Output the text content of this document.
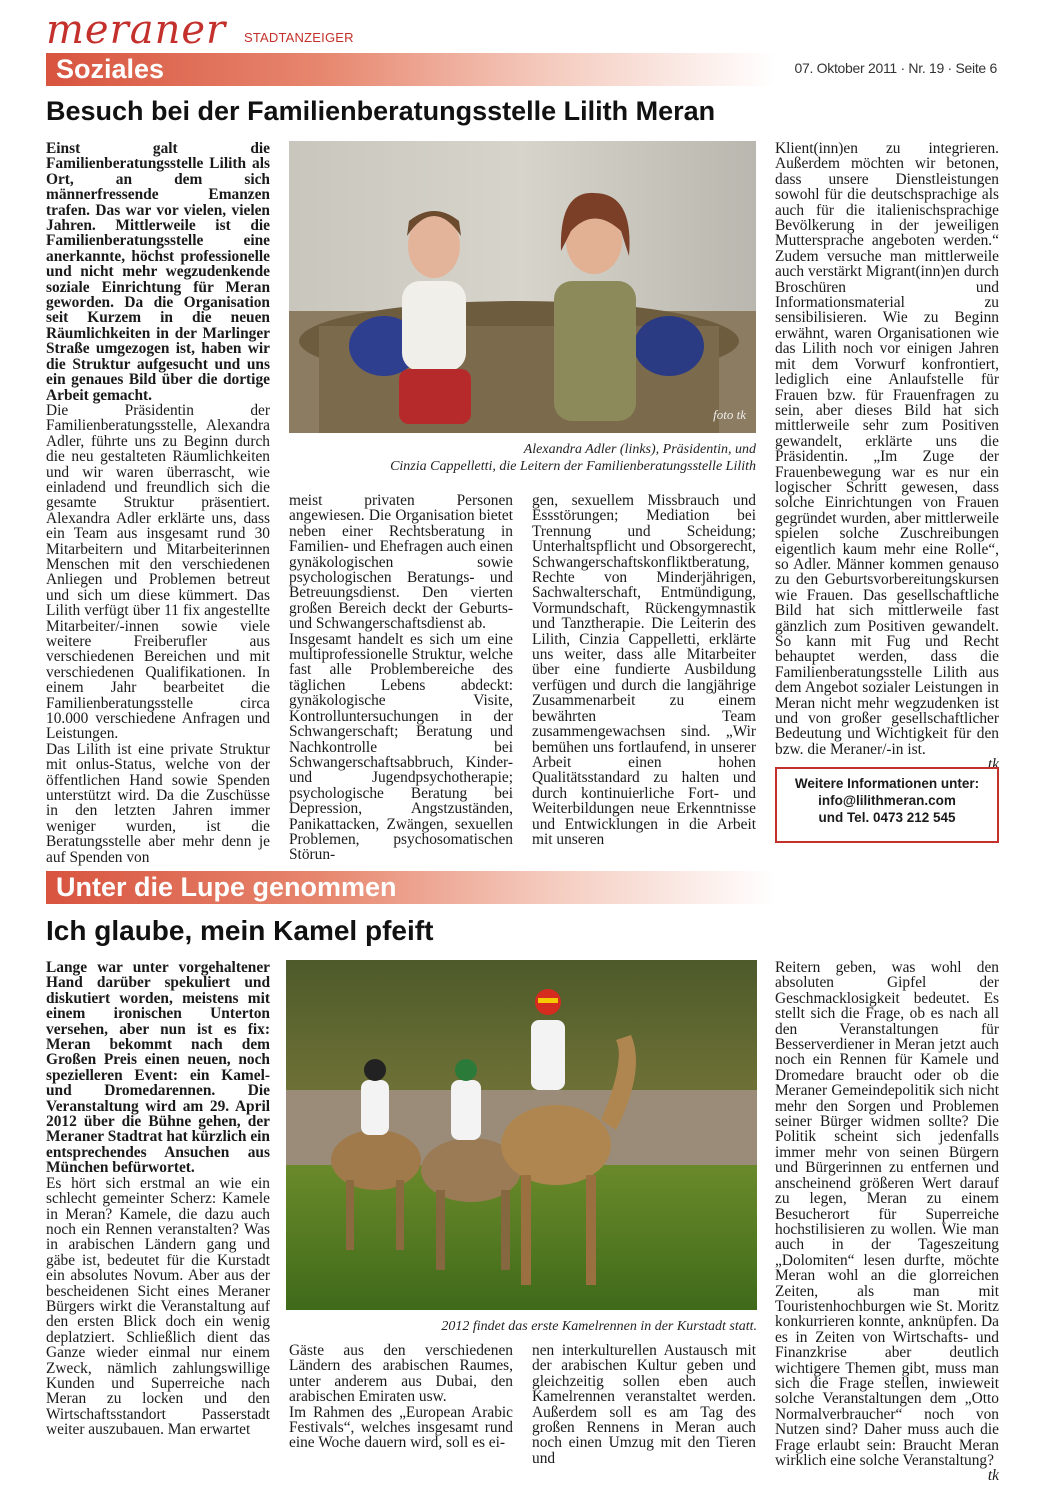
meraner STADTANZEIGER
07. Oktober 2011 · Nr. 19 · Seite 6
Soziales
Besuch bei der Familienberatungsstelle Lilith Meran

Einst galt die Familienberatungsstelle Lilith als Ort, an dem sich männerfressende Emanzen trafen. Das war vor vielen, vielen Jahren. Mittlerweile ist die Familienberatungsstelle eine anerkannte, höchst professionelle und nicht mehr wegzudenkende soziale Einrichtung für Meran geworden. Da die Organisation seit Kurzem in die neuen Räumlichkeiten in der Marlinger Straße umgezogen ist, haben wir die Struktur aufgesucht und uns ein genaues Bild über die dortige Arbeit gemacht.

Die Präsidentin der Familienberatungsstelle, Alexandra Adler, führte uns zu Beginn durch die neu gestalteten Räumlichkeiten und wir waren überrascht, wie einladend und freundlich sich die gesamte Struktur präsentiert. Alexandra Adler erklärte uns, dass ein Team aus insgesamt rund 30 Mitarbeitern und Mitarbeiterinnen Menschen mit den verschiedenen Anliegen und Problemen betreut und sich um diese kümmert. Das Lilith verfügt über 11 fix angestellte Mitarbeiter/-innen sowie viele weitere Freiberufler aus verschiedenen Bereichen und mit verschiedenen Qualifikationen. In einem Jahr bearbeitet die Familienberatungsstelle circa 10.000 verschiedene Anfragen und Leistungen.

Das Lilith ist eine private Struktur mit onlus-Status, welche von der öffentlichen Hand sowie Spenden unterstützt wird. Da die Zuschüsse in den letzten Jahren immer weniger wurden, ist die Beratungsstelle aber mehr denn je auf Spenden von

foto tk
Alexandra Adler (links), Präsidentin, und
Cinzia Cappelletti, die Leitern der Familienberatungsstelle Lilith

meist privaten Personen angewiesen. Die Organisation bietet neben einer Rechtsberatung in Familien- und Ehefragen auch einen gynäkologischen sowie psychologischen Beratungs- und Betreuungsdienst. Den vierten großen Bereich deckt der Geburts- und Schwangerschaftsdienst ab.

Insgesamt handelt es sich um eine multiprofessionelle Struktur, welche fast alle Problembereiche des täglichen Lebens abdeckt: gynäkologische Visite, Kontrolluntersuchungen in der Schwangerschaft; Beratung und Nachkontrolle bei Schwangerschaftsabbruch, Kinder- und Jugendpsychotherapie; psychologische Beratung bei Depression, Angstzuständen, Panikattacken, Zwängen, sexuellen Problemen, psychosomatischen Störun-

gen, sexuellem Missbrauch und Essstörungen; Mediation bei Trennung und Scheidung; Unterhaltspflicht und Obsorgerecht, Schwangerschaftskonfliktberatung, Rechte von Minderjährigen, Sachwalterschaft, Entmündigung, Vormundschaft, Rückengymnastik und Tanztherapie. Die Leiterin des Lilith, Cinzia Cappelletti, erklärte uns weiter, dass alle Mitarbeiter über eine fundierte Ausbildung verfügen und durch die langjährige Zusammenarbeit zu einem bewährten Team zusammengewachsen sind. „Wir bemühen uns fortlaufend, in unserer Arbeit einen hohen Qualitätsstandard zu halten und durch kontinuierliche Fort- und Weiterbildungen neue Erkenntnisse und Entwicklungen in die Arbeit mit unseren

Klient(inn)en zu integrieren. Außerdem möchten wir betonen, dass unsere Dienstleistungen sowohl für die deutschsprachige als auch für die italienischsprachige Bevölkerung in der jeweiligen Muttersprache angeboten werden.“ Zudem versuche man mittlerweile auch verstärkt Migrant(inn)en durch Broschüren und Informationsmaterial zu sensibilisieren. Wie zu Beginn erwähnt, waren Organisationen wie das Lilith noch vor einigen Jahren mit dem Vorwurf konfrontiert, lediglich eine Anlaufstelle für Frauen bzw. für Frauenfragen zu sein, aber dieses Bild hat sich mittlerweile sehr zum Positiven gewandelt, erklärte uns die Präsidentin. „Im Zuge der Frauenbewegung war es nur ein logischer Schritt gewesen, dass solche Einrichtungen von Frauen gegründet wurden, aber mittlerweile spielen solche Zuschreibungen eigentlich kaum mehr eine Rolle“, so Adler. Männer kommen genauso zu den Geburtsvorbereitungskursen wie Frauen. Das gesellschaftliche Bild hat sich mittlerweile fast gänzlich zum Positiven gewandelt. So kann mit Fug und Recht behauptet werden, dass die Familienberatungsstelle Lilith aus dem Angebot sozialer Leistungen in Meran nicht mehr wegzudenken ist und von großer gesellschaftlicher Bedeutung und Wichtigkeit für den bzw. die Meraner/-in ist.

tk

Weitere Informationen unter:
info@lilithmeran.com
und Tel. 0473 212 545
Unter die Lupe genommen
Ich glaube, mein Kamel pfeift

Lange war unter vorgehaltener Hand darüber spekuliert und diskutiert worden, meistens mit einem ironischen Unterton versehen, aber nun ist es fix: Meran bekommt nach dem Großen Preis einen neuen, noch spezielleren Event: ein Kamel- und Dromedarennen. Die Veranstaltung wird am 29. April 2012 über die Bühne gehen, der Meraner Stadtrat hat kürzlich ein entsprechendes Ansuchen aus München befürwortet.

Es hört sich erstmal an wie ein schlecht gemeinter Scherz: Kamele in Meran? Kamele, die dazu auch noch ein Rennen veranstalten? Was in arabischen Ländern gang und gäbe ist, bedeutet für die Kurstadt ein absolutes Novum. Aber aus der bescheidenen Sicht eines Meraner Bürgers wirkt die Veranstaltung auf den ersten Blick doch ein wenig deplatziert. Schließlich dient das Ganze wieder einmal nur einem Zweck, nämlich zahlungswillige Kunden und Superreiche nach Meran zu locken und den Wirtschaftsstandort Passerstadt weiter auszubauen. Man erwartet

2012 findet das erste Kamelrennen in der Kurstadt statt.

Gäste aus den verschiedenen Ländern des arabischen Raumes, unter anderem aus Dubai, den arabischen Emiraten usw.

Im Rahmen des „European Arabic Festivals“, welches insgesamt rund eine Woche dauern wird, soll es ei-

nen interkulturellen Austausch mit der arabischen Kultur geben und gleichzeitig sollen eben auch Kamelrennen veranstaltet werden. Außerdem soll es am Tag des großen Rennens in Meran auch noch einen Umzug mit den Tieren und

Reitern geben, was wohl den absoluten Gipfel der Geschmacklosigkeit bedeutet. Es stellt sich die Frage, ob es nach all den Veranstaltungen für Besserverdiener in Meran jetzt auch noch ein Rennen für Kamele und Dromedare braucht oder ob die Meraner Gemeindepolitik sich nicht mehr den Sorgen und Problemen seiner Bürger widmen sollte? Die Politik scheint sich jedenfalls immer mehr von seinen Bürgern und Bürgerinnen zu entfernen und anscheinend größeren Wert darauf zu legen, Meran zu einem Besucherort für Superreiche hochstilisieren zu wollen. Wie man auch in der Tageszeitung „Dolomiten“ lesen durfte, möchte Meran wohl an die glorreichen Zeiten, als man mit Touristenhochburgen wie St. Moritz konkurrieren konnte, anknüpfen. Da es in Zeiten von Wirtschafts- und Finanzkrise aber deutlich wichtigere Themen gibt, muss man sich die Frage stellen, inwieweit solche Veranstaltungen dem „Otto Normalverbraucher“ noch von Nutzen sind? Daher muss auch die Frage erlaubt sein: Braucht Meran wirklich eine solche Veranstaltung?

tk
